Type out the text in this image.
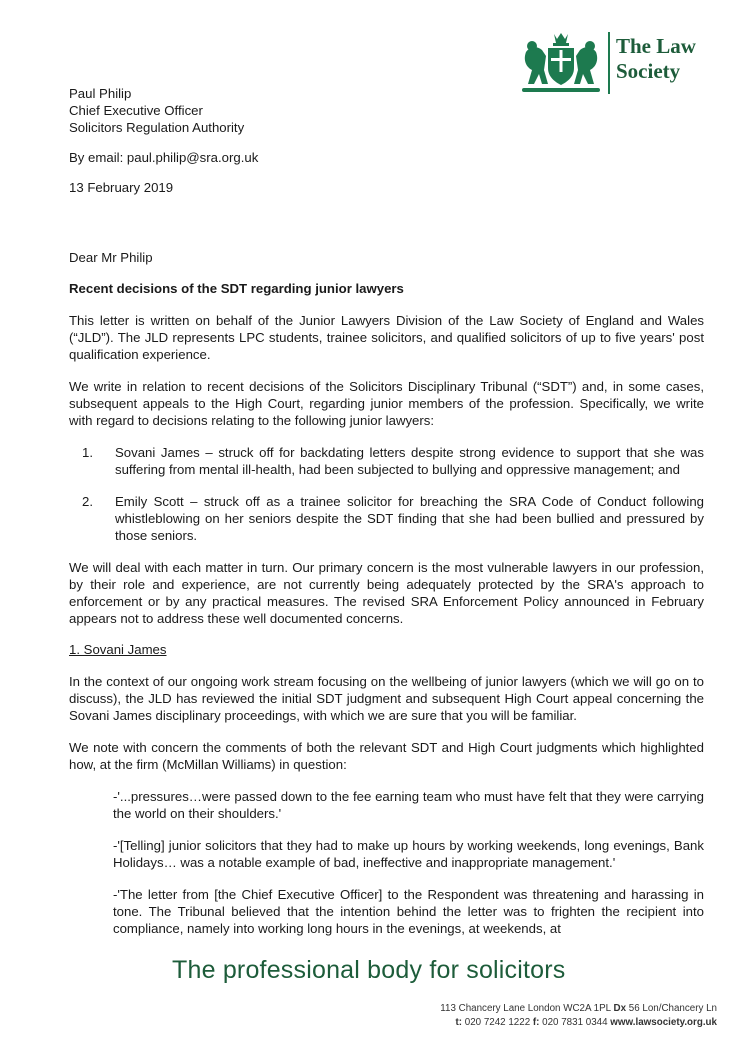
The Law
Society
Paul Philip
Chief Executive Officer
Solicitors Regulation Authority
By email: paul.philip@sra.org.uk
13 February 2019
Dear Mr Philip
Recent decisions of the SDT regarding junior lawyers

This letter is written on behalf of the Junior Lawyers Division of the Law Society of England and Wales (“JLD”). The JLD represents LPC students, trainee solicitors, and qualified solicitors of up to five years' post qualification experience.

We write in relation to recent decisions of the Solicitors Disciplinary Tribunal (“SDT”) and, in some cases, subsequent appeals to the High Court, regarding junior members of the profession. Specifically, we write with regard to decisions relating to the following junior lawyers:

1. Sovani James – struck off for backdating letters despite strong evidence to support that she was suffering from mental ill-health, had been subjected to bullying and oppressive management; and
2. Emily Scott – struck off as a trainee solicitor for breaching the SRA Code of Conduct following whistleblowing on her seniors despite the SDT finding that she had been bullied and pressured by those seniors.

We will deal with each matter in turn. Our primary concern is the most vulnerable lawyers in our profession, by their role and experience, are not currently being adequately protected by the SRA's approach to enforcement or by any practical measures. The revised SRA Enforcement Policy announced in February appears not to address these well documented concerns.

1. Sovani James

In the context of our ongoing work stream focusing on the wellbeing of junior lawyers (which we will go on to discuss), the JLD has reviewed the initial SDT judgment and subsequent High Court appeal concerning the Sovani James disciplinary proceedings, with which we are sure that you will be familiar.

We note with concern the comments of both the relevant SDT and High Court judgments which highlighted how, at the firm (McMillan Williams) in question:

-'...pressures…were passed down to the fee earning team who must have felt that they were carrying the world on their shoulders.'
-'[Telling] junior solicitors that they had to make up hours by working weekends, long evenings, Bank Holidays… was a notable example of bad, ineffective and inappropriate management.'
-'The letter from [the Chief Executive Officer] to the Respondent was threatening and harassing in tone. The Tribunal believed that the intention behind the letter was to frighten the recipient into compliance, namely into working long hours in the evenings, at weekends, at
The professional body for solicitors
113 Chancery Lane London WC2A 1PL Dx 56 Lon/Chancery Ln
t: 020 7242 1222 f: 020 7831 0344 www.lawsociety.org.uk
